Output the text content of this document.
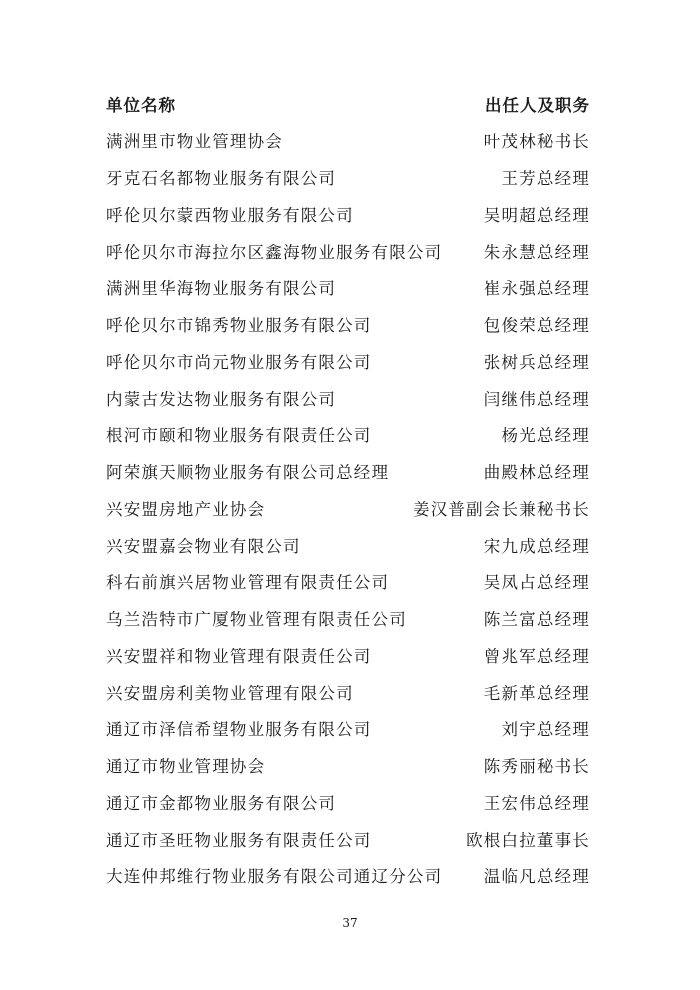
单位名称	出任人及职务
满洲里市物业管理协会	叶茂林秘书长
牙克石名都物业服务有限公司	王芳总经理
呼伦贝尔蒙西物业服务有限公司	吴明超总经理
呼伦贝尔市海拉尔区鑫海物业服务有限公司	朱永慧总经理
满洲里华海物业服务有限公司	崔永强总经理
呼伦贝尔市锦秀物业服务有限公司	包俊荣总经理
呼伦贝尔市尚元物业服务有限公司	张树兵总经理
内蒙古发达物业服务有限公司	闫继伟总经理
根河市颐和物业服务有限责任公司	杨光总经理
阿荣旗天顺物业服务有限公司总经理	曲殿林总经理
兴安盟房地产业协会	姜汉普副会长兼秘书长
兴安盟嘉会物业有限公司	宋九成总经理
科右前旗兴居物业管理有限责任公司	吴凤占总经理
乌兰浩特市广厦物业管理有限责任公司	陈兰富总经理
兴安盟祥和物业管理有限责任公司	曾兆军总经理
兴安盟房利美物业管理有限公司	毛新革总经理
通辽市泽信希望物业服务有限公司	刘宇总经理
通辽市物业管理协会	陈秀丽秘书长
通辽市金都物业服务有限公司	王宏伟总经理
通辽市圣旺物业服务有限责任公司	欧根白拉董事长
大连仲邦维行物业服务有限公司通辽分公司	温临凡总经理
37
